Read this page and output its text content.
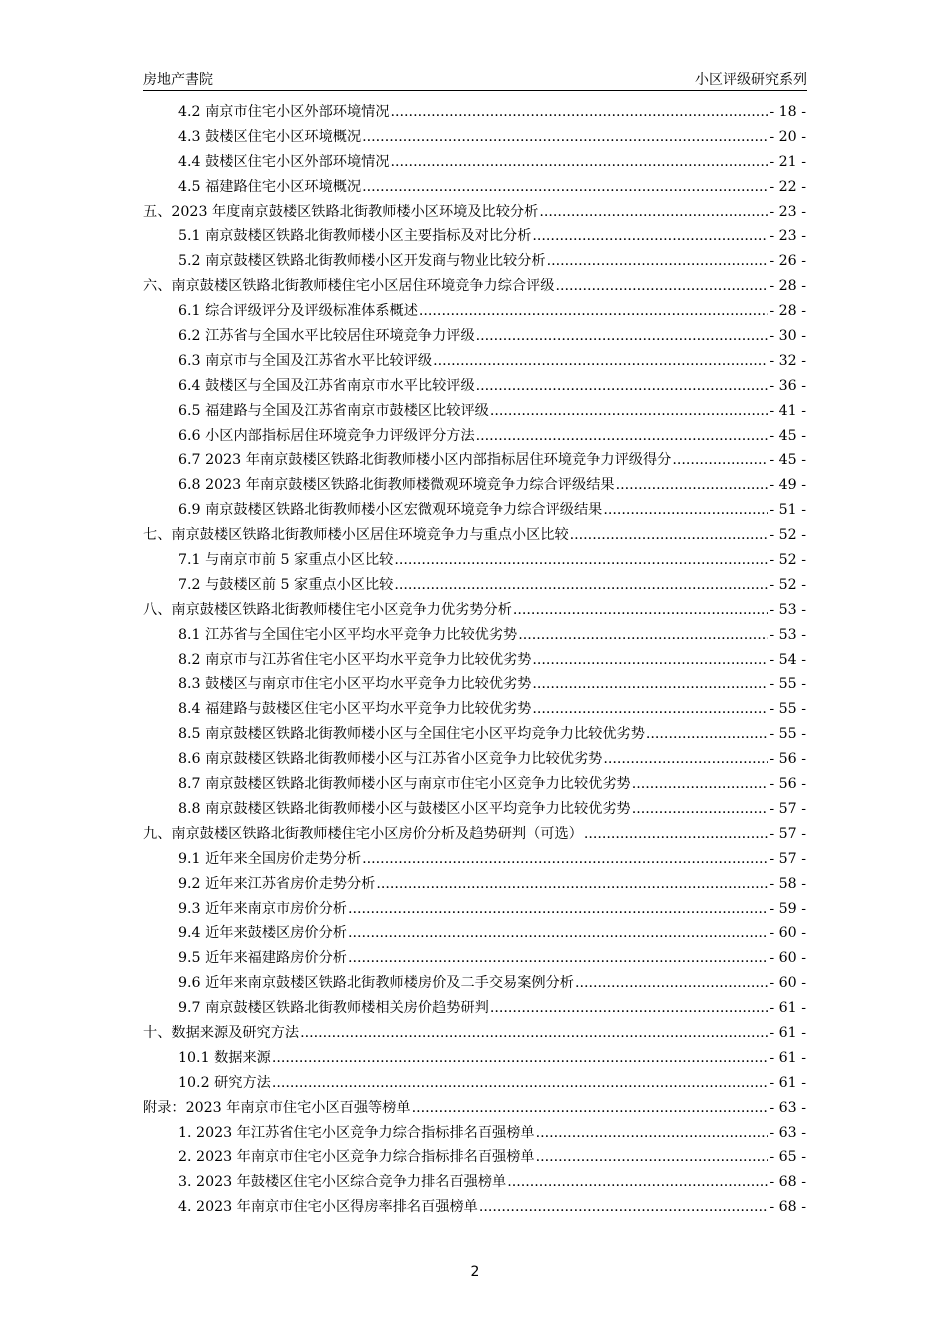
房地产書院	小区评级研究系列
4.2 南京市住宅小区外部环境情况 .....	- 18 -
4.3 鼓楼区住宅小区环境概况 .....	- 20 -
4.4 鼓楼区住宅小区外部环境情况 .....	- 21 -
4.5 福建路住宅小区环境概况 .....	- 22 -
五、2023 年度南京鼓楼区铁路北街教师楼小区环境及比较分析 .....	- 23 -
5.1 南京鼓楼区铁路北街教师楼小区主要指标及对比分析 .....	- 23 -
5.2 南京鼓楼区铁路北街教师楼小区开发商与物业比较分析 .....	- 26 -
六、南京鼓楼区铁路北街教师楼住宅小区居住环境竞争力综合评级 .....	- 28 -
6.1 综合评级评分及评级标准体系概述 .....	- 28 -
6.2 江苏省与全国水平比较居住环境竞争力评级 .....	- 30 -
6.3 南京市与全国及江苏省水平比较评级 .....	- 32 -
6.4 鼓楼区与全国及江苏省南京市水平比较评级 .....	- 36 -
6.5 福建路与全国及江苏省南京市鼓楼区比较评级 .....	- 41 -
6.6 小区内部指标居住环境竞争力评级评分方法 .....	- 45 -
6.7 2023 年南京鼓楼区铁路北街教师楼小区内部指标居住环境竞争力评级得分 .....	- 45 -
6.8 2023 年南京鼓楼区铁路北街教师楼微观环境竞争力综合评级结果 .....	- 49 -
6.9 南京鼓楼区铁路北街教师楼小区宏微观环境竞争力综合评级结果 .....	- 51 -
七、南京鼓楼区铁路北街教师楼小区居住环境竞争力与重点小区比较 .....	- 52 -
7.1 与南京市前 5 家重点小区比较 .....	- 52 -
7.2 与鼓楼区前 5 家重点小区比较 .....	- 52 -
八、南京鼓楼区铁路北街教师楼住宅小区竞争力优劣势分析 .....	- 53 -
8.1 江苏省与全国住宅小区平均水平竞争力比较优劣势 .....	- 53 -
8.2 南京市与江苏省住宅小区平均水平竞争力比较优劣势 .....	- 54 -
8.3 鼓楼区与南京市住宅小区平均水平竞争力比较优劣势 .....	- 55 -
8.4 福建路与鼓楼区住宅小区平均水平竞争力比较优劣势 .....	- 55 -
8.5 南京鼓楼区铁路北街教师楼小区与全国住宅小区平均竞争力比较优劣势 .....	- 55 -
8.6 南京鼓楼区铁路北街教师楼小区与江苏省小区竞争力比较优劣势 .....	- 56 -
8.7 南京鼓楼区铁路北街教师楼小区与南京市住宅小区竞争力比较优劣势 .....	- 56 -
8.8 南京鼓楼区铁路北街教师楼小区与鼓楼区小区平均竞争力比较优劣势 .....	- 57 -
九、南京鼓楼区铁路北街教师楼住宅小区房价分析及趋势研判（可选） .....	- 57 -
9.1 近年来全国房价走势分析 .....	- 57 -
9.2 近年来江苏省房价走势分析 .....	- 58 -
9.3 近年来南京市房价分析 .....	- 59 -
9.4 近年来鼓楼区房价分析 .....	- 60 -
9.5 近年来福建路房价分析 .....	- 60 -
9.6 近年来南京鼓楼区铁路北街教师楼房价及二手交易案例分析 .....	- 60 -
9.7 南京鼓楼区铁路北街教师楼相关房价趋势研判 .....	- 61 -
十、数据来源及研究方法 .....	- 61 -
10.1 数据来源 .....	- 61 -
10.2 研究方法 .....	- 61 -
附录：2023 年南京市住宅小区百强等榜单 .....	- 63 -
1. 2023 年江苏省住宅小区竞争力综合指标排名百强榜单 .....	- 63 -
2. 2023 年南京市住宅小区竞争力综合指标排名百强榜单 .....	- 65 -
3. 2023 年鼓楼区住宅小区综合竞争力排名百强榜单 .....	- 68 -
4. 2023 年南京市住宅小区得房率排名百强榜单 .....	- 68 -
2
